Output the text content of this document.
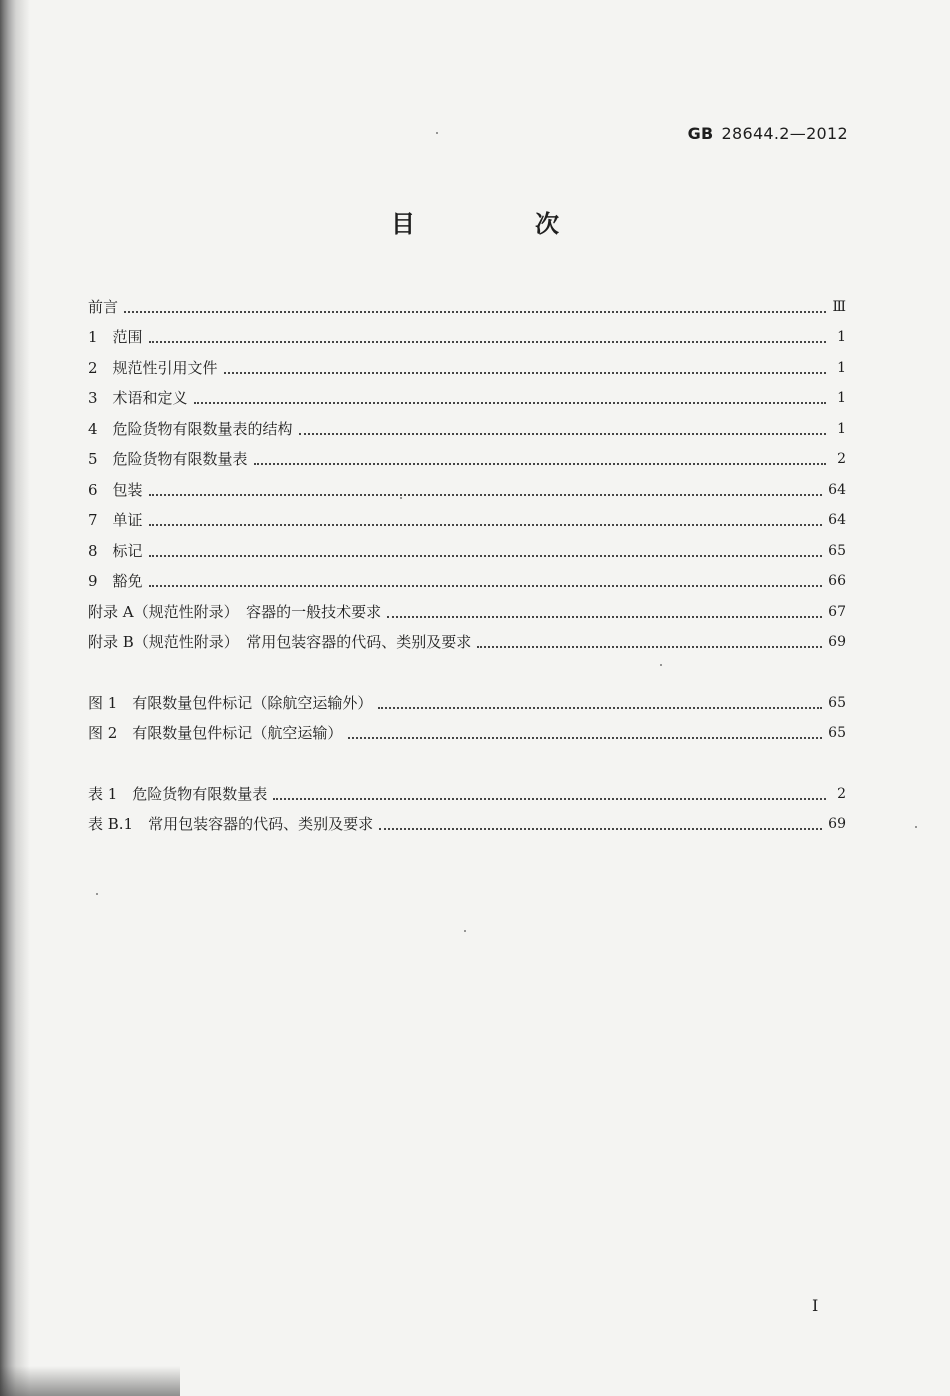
GB 28644.2—2012
目　次
前言	Ⅲ
1　范围	1
2　规范性引用文件	1
3　术语和定义	1
4　危险货物有限数量表的结构	1
5　危险货物有限数量表	2
6　包装	64
7　单证	64
8　标记	65
9　豁免	66
附录 A（规范性附录）　容器的一般技术要求	67
附录 B（规范性附录）　常用包装容器的代码、类别及要求	69
图 1　有限数量包件标记（除航空运输外）	65
图 2　有限数量包件标记（航空运输）	65
表 1　危险货物有限数量表	2
表 B.1　常用包装容器的代码、类别及要求	69
I
